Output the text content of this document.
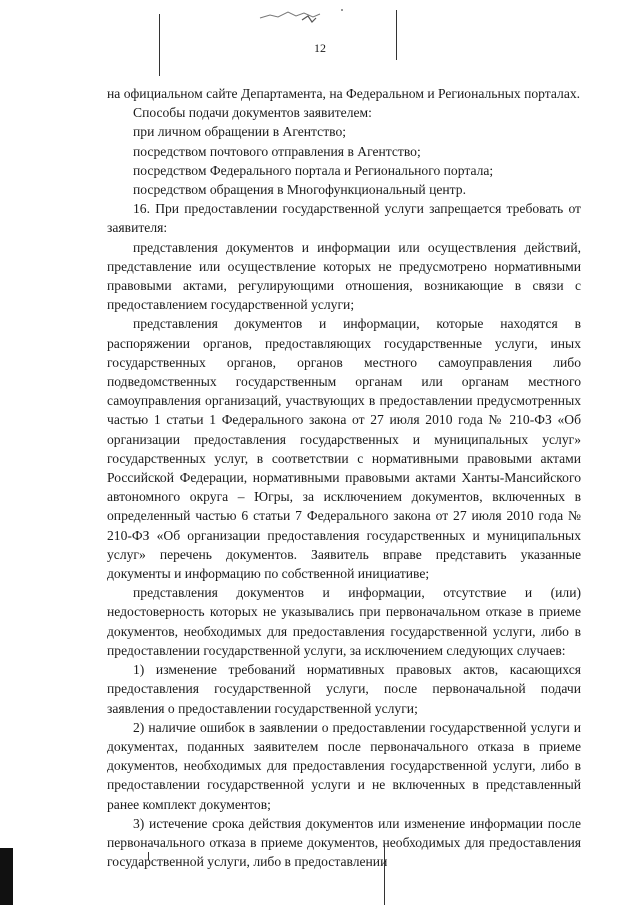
12

на официальном сайте Департамента, на Федеральном и Региональных порталах.

Способы подачи документов заявителем:

при личном обращении в Агентство;

посредством почтового отправления в Агентство;

посредством Федерального портала и Регионального портала;

посредством обращения в Многофункциональный центр.

16. При предоставлении государственной услуги запрещается требовать от заявителя:

представления документов и информации или осуществления действий, представление или осуществление которых не предусмотрено нормативными правовыми актами, регулирующими отношения, возникающие в связи с предоставлением государственной услуги;

представления документов и информации, которые находятся в распоряжении органов, предоставляющих государственные услуги, иных государственных органов, органов местного самоуправления либо подведомственных государственным органам или органам местного самоуправления организаций, участвующих в предоставлении предусмотренных частью 1 статьи 1 Федерального закона от 27 июля 2010 года № 210-ФЗ «Об организации предоставления государственных и муниципальных услуг» государственных услуг, в соответствии с нормативными правовыми актами Российской Федерации, нормативными правовыми актами Ханты-Мансийского автономного округа – Югры, за исключением документов, включенных в определенный частью 6 статьи 7 Федерального закона от 27 июля 2010 года № 210-ФЗ «Об организации предоставления государственных и муниципальных услуг» перечень документов. Заявитель вправе представить указанные документы и информацию по собственной инициативе;

представления документов и информации, отсутствие и (или) недостоверность которых не указывались при первоначальном отказе в приеме документов, необходимых для предоставления государственной услуги, либо в предоставлении государственной услуги, за исключением следующих случаев:

1) изменение требований нормативных правовых актов, касающихся предоставления государственной услуги, после первоначальной подачи заявления о предоставлении государственной услуги;

2) наличие ошибок в заявлении о предоставлении государственной услуги и документах, поданных заявителем после первоначального отказа в приеме документов, необходимых для предоставления государственной услуги, либо в предоставлении государственной услуги и не включенных в представленный ранее комплект документов;

3) истечение срока действия документов или изменение информации после первоначального отказа в приеме документов, необходимых для предоставления государственной услуги, либо в предоставлении
